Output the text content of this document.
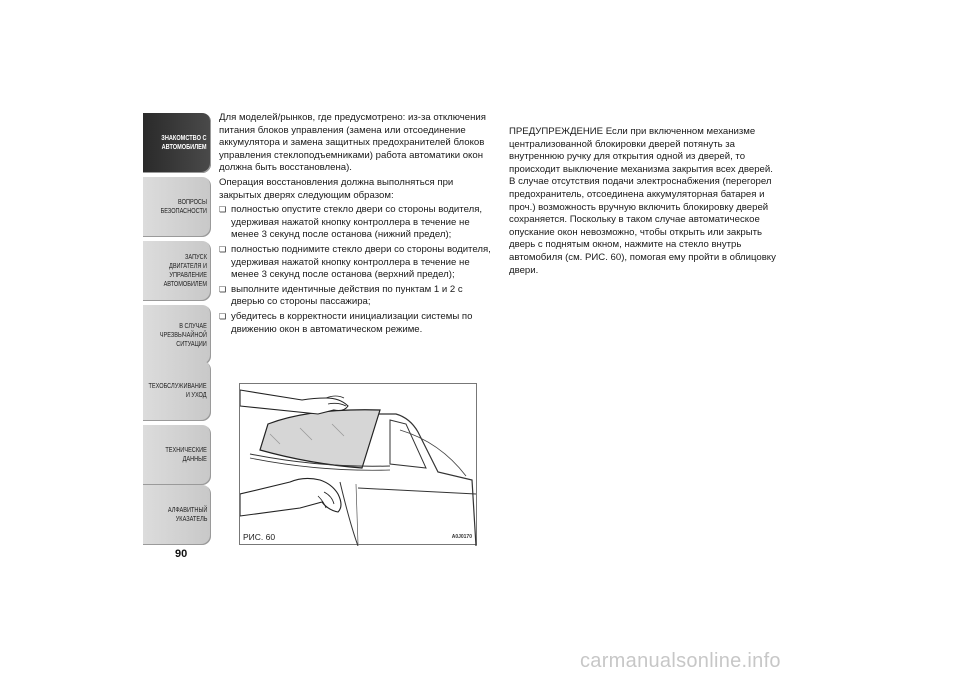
ЗНАКОМСТВО С
АВТОМОБИЛЕМ
ВОПРОСЫ
БЕЗОПАСНОСТИ
ЗАПУСК ДВИГАТЕЛЯ И
УПРАВЛЕНИЕ
АВТОМОБИЛЕМ
В СЛУЧАЕ
ЧРЕЗВЫЧАЙНОЙ
СИТУАЦИИ
ТЕХОБСЛУЖИВАНИЕ
И УХОД
ТЕХНИЧЕСКИЕ
ДАННЫЕ
АЛФАВИТНЫЙ
УКАЗАТЕЛЬ
90

Для моделей/рынков, где предусмотрено: из-за отключения питания блоков управления (замена или отсоединение аккумулятора и замена защитных предохранителей блоков управления стеклоподъемниками) работа автоматики окон должна быть восстановлена).

Операция восстановления должна выполняться при закрытых дверях следующим образом:

❏ полностью опустите стекло двери со стороны водителя, удерживая нажатой кнопку контроллера в течение не менее 3 секунд после останова (нижний предел);
❏ полностью поднимите стекло двери со стороны водителя, удерживая нажатой кнопку контроллера в течение не менее 3 секунд после останова (верхний предел);
❏ выполните идентичные действия по пунктам 1 и 2 с дверью со стороны пассажира;
❏ убедитесь в корректности инициализации системы по движению окон в автоматическом режиме.

ПРЕДУПРЕЖДЕНИЕ Если при включенном механизме централизованной блокировки дверей потянуть за внутреннюю ручку для открытия одной из дверей, то происходит выключение механизма закрытия всех дверей. В случае отсутствия подачи электроснабжения (перегорел предохранитель, отсоединена аккумуляторная батарея и проч.) возможность вручную включить блокировку дверей сохраняется. Поскольку в таком случае автоматическое опускание окон невозможно, чтобы открыть или закрыть дверь с поднятым окном, нажмите на стекло внутрь автомобиля (см. РИС. 60), помогая ему пройти в облицовку двери.

РИС. 60	A0J0170
carmanualsonline.info
